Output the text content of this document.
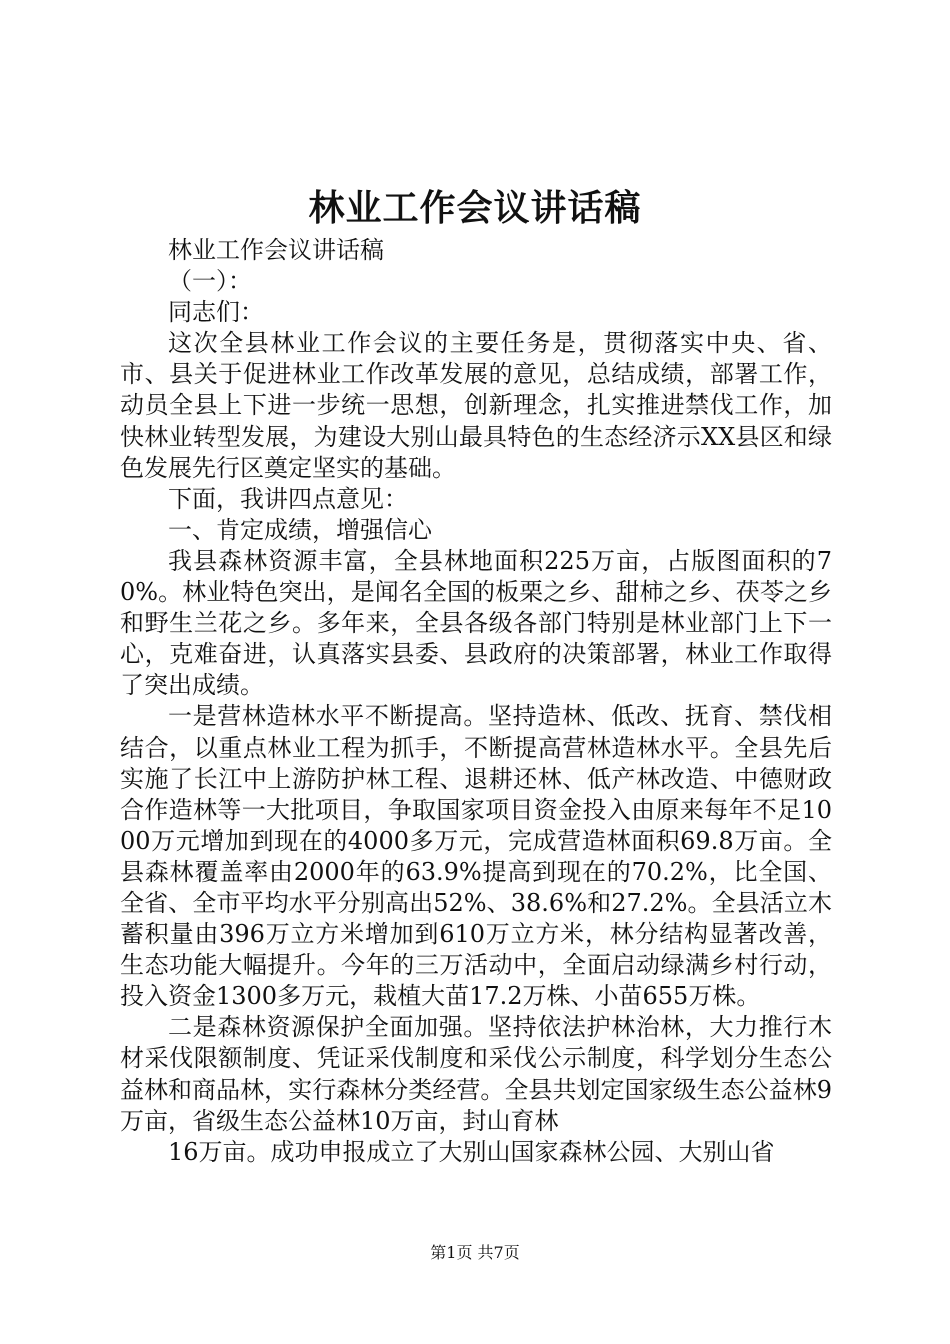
林业工作会议讲话稿

林业工作会议讲话稿

（一）：

同志们：

这次全县林业工作会议的主要任务是，贯彻落实中央、省、市、县关于促进林业工作改革发展的意见，总结成绩，部署工作，动员全县上下进一步统一思想，创新理念，扎实推进禁伐工作，加快林业转型发展，为建设大别山最具特色的生态经济示XX县区和绿色发展先行区奠定坚实的基础。

下面，我讲四点意见：

一、肯定成绩，增强信心

我县森林资源丰富，全县林地面积225万亩，占版图面积的70%。林业特色突出，是闻名全国的板栗之乡、甜柿之乡、茯苓之乡和野生兰花之乡。多年来，全县各级各部门特别是林业部门上下一心，克难奋进，认真落实县委、县政府的决策部署，林业工作取得了突出成绩。

一是营林造林水平不断提高。坚持造林、低改、抚育、禁伐相结合，以重点林业工程为抓手，不断提高营林造林水平。全县先后实施了长江中上游防护林工程、退耕还林、低产林改造、中德财政合作造林等一大批项目，争取国家项目资金投入由原来每年不足1000万元增加到现在的4000多万元，完成营造林面积69.8万亩。全县森林覆盖率由2000年的63.9%提高到现在的70.2%，比全国、全省、全市平均水平分别高出52%、38.6%和27.2%。全县活立木蓄积量由396万立方米增加到610万立方米，林分结构显著改善，生态功能大幅提升。今年的三万活动中，全面启动绿满乡村行动，投入资金1300多万元，栽植大苗17.2万株、小苗655万株。

二是森林资源保护全面加强。坚持依法护林治林，大力推行木材采伐限额制度、凭证采伐制度和采伐公示制度，科学划分生态公益林和商品林，实行森林分类经营。全县共划定国家级生态公益林9万亩，省级生态公益林10万亩，封山育林

16万亩。成功申报成立了大别山国家森林公园、大别山省

第1页 共7页
